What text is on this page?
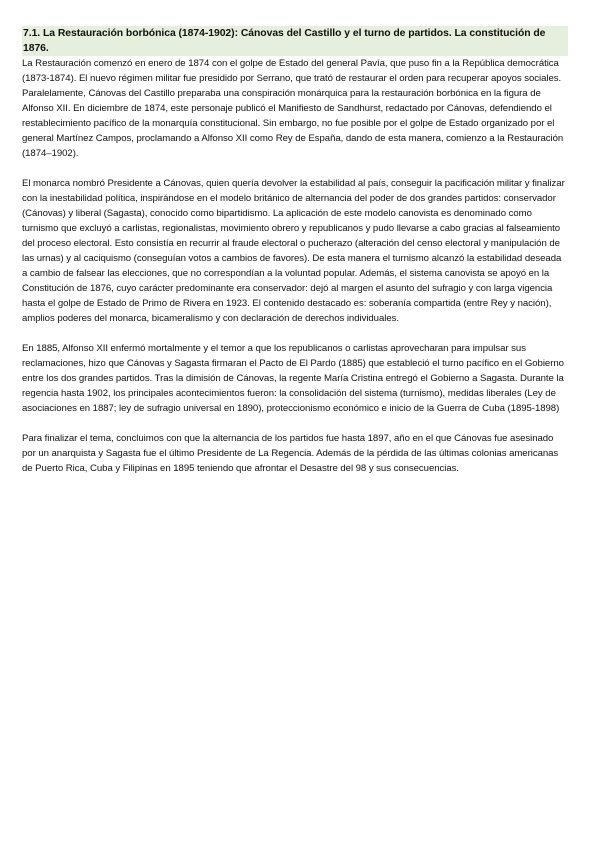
7.1. La Restauración borbónica (1874-1902): Cánovas del Castillo y el turno de partidos. La constitución de 1876.

La Restauración comenzó en enero de 1874 con el golpe de Estado del general Pavía, que puso fin a la República democrática (1873-1874). El nuevo régimen militar fue presidido por Serrano, que trató de restaurar el orden para recuperar apoyos sociales. Paralelamente, Cánovas del Castillo preparaba una conspiración monárquica para la restauración borbónica en la figura de Alfonso XII. En diciembre de 1874, este personaje publicó el Manifiesto de Sandhurst, redactado por Cánovas, defendiendo el restablecimiento pacífico de la monarquía constitucional. Sin embargo, no fue posible por el golpe de Estado organizado por el general Martínez Campos, proclamando a Alfonso XII como Rey de España, dando de esta manera, comienzo a la Restauración (1874–1902).

El monarca nombró Presidente a Cánovas, quien quería devolver la estabilidad al país, conseguir la pacificación militar y finalizar con la inestabilidad política, inspirándose en el modelo británico de alternancia del poder de dos grandes partidos: conservador (Cánovas) y liberal (Sagasta), conocido como bipartidismo. La aplicación de este modelo canovista es denominado como turnismo que excluyó a carlistas, regionalistas, movimiento obrero y republicanos y pudo llevarse a cabo gracias al falseamiento del proceso electoral. Esto consistía en recurrir al fraude electoral o pucherazo (alteración del censo electoral y manipulación de las urnas) y al caciquismo (conseguían votos a cambios de favores). De esta manera el turnismo alcanzó la estabilidad deseada a cambio de falsear las elecciones, que no correspondían a la voluntad popular. Además, el sistema canovista se apoyó en la Constitución de 1876, cuyo carácter predominante era conservador: dejó al margen el asunto del sufragio y con larga vigencia hasta el golpe de Estado de Primo de Rivera en 1923. El contenido destacado es: soberanía compartida (entre Rey y nación), amplios poderes del monarca, bicameralismo y con declaración de derechos individuales.

En 1885, Alfonso XII enfermó mortalmente y el temor a que los republicanos o carlistas aprovecharan para impulsar sus reclamaciones, hizo que Cánovas y Sagasta firmaran el Pacto de El Pardo (1885) que estableció el turno pacífico en el Gobierno entre los dos grandes partidos. Tras la dimisión de Cánovas, la regente María Cristina entregó el Gobierno a Sagasta. Durante la regencia hasta 1902, los principales acontecimientos fueron: la consolidación del sistema (turnismo), medidas liberales (Ley de asociaciones en 1887; ley de sufragio universal en 1890), proteccionismo económico e inicio de la Guerra de Cuba (1895-1898)

Para finalizar el tema, concluimos con que la alternancia de los partidos fue hasta 1897, año en el que Cánovas fue asesinado por un anarquista y Sagasta fue el último Presidente de La Regencia. Además de la pérdida de las últimas colonias americanas de Puerto Rica, Cuba y Filipinas en 1895 teniendo que afrontar el Desastre del 98 y sus consecuencias.
